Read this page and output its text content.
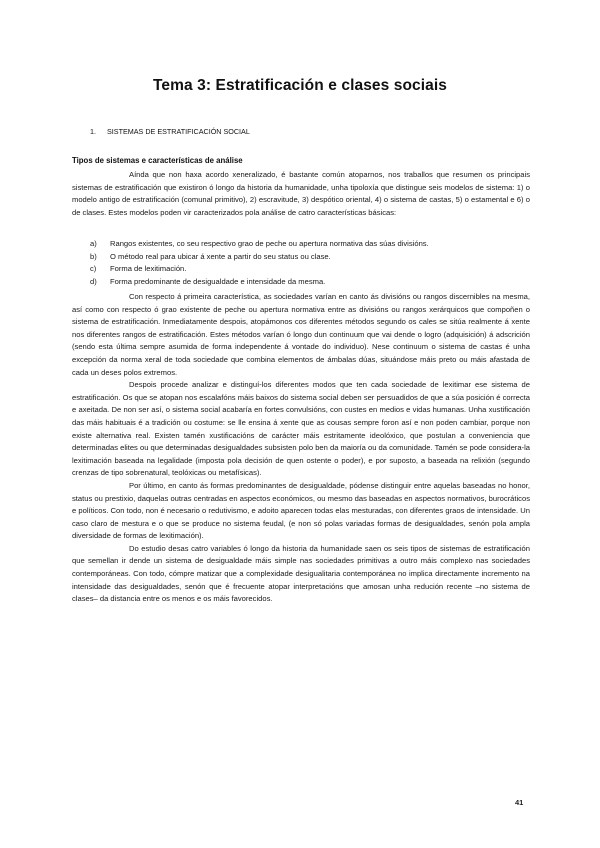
Tema 3: Estratificación e clases sociais
1. SISTEMAS DE ESTRATIFICACIÓN SOCIAL
Tipos de sistemas e características de análise

Aínda que non haxa acordo xeneralizado, é bastante común atoparnos, nos traballos que resumen os principais sistemas de estratificación que existiron ó longo da historia da humanidade, unha tipoloxía que distingue seis modelos de sistema: 1) o modelo antigo de estratificación (comunal primitivo), 2) escravitude, 3) despótico oriental, 4) o sistema de castas, 5) o estamental e 6) o de clases. Estes modelos poden vir caracterizados pola análise de catro características básicas:

a)	Rangos existentes, co seu respectivo grao de peche ou apertura normativa das súas divisións.
b)	O método real para ubicar á xente a partir do seu status ou clase.
c)	Forma de lexitimación.
d)	Forma predominante de desigualdade e intensidade da mesma.

Con respecto á primeira característica, as sociedades varían en canto ás divisións ou rangos discernibles na mesma, así como con respecto ó grao existente de peche ou apertura normativa entre as divisións ou rangos xerárquicos que compoñen o sistema de estratificación. Inmediatamente despois, atopámonos cos diferentes métodos segundo os cales se sitúa realmente á xente nos diferentes rangos de estratificación. Estes métodos varían ó longo dun continuum que vai dende o logro (adquisición) á adscrición (sendo esta última sempre asumida de forma independente á vontade do individuo). Nese continuum o sistema de castas é unha excepción da norma xeral de toda sociedade que combina elementos de ámbalas dúas, situándose máis preto ou máis afastada de cada un deses polos extremos.

Despois procede analizar e distinguí-los diferentes modos que ten cada sociedade de lexitimar ese sistema de estratificación. Os que se atopan nos escalafóns máis baixos do sistema social deben ser persuadidos de que a súa posición é correcta e axeitada. De non ser así, o sistema social acabaría en fortes convulsións, con custes en medios e vidas humanas. Unha xustificación das máis habituais é a tradición ou costume: se lle ensina á xente que as cousas sempre foron así e non poden cambiar, porque non existe alternativa real. Existen tamén xustificacións de carácter máis estritamente ideolóxico, que postulan a conveniencia que determinadas elites ou que determinadas desigualdades subsisten polo ben da maioría ou da comunidade. Tamén se pode considera-la lexitimación baseada na legalidade (imposta pola decisión de quen ostente o poder), e por suposto, a baseada na relixión (segundo crenzas de tipo sobrenatural, teolóxicas ou metafísicas).

Por último, en canto ás formas predominantes de desigualdade, pódense distinguir entre aquelas baseadas no honor, status ou prestixio, daquelas outras centradas en aspectos económicos, ou mesmo das baseadas en aspectos normativos, burocráticos e políticos. Con todo, non é necesario o redutivismo, e adoito aparecen todas elas mesturadas, con diferentes graos de intensidade. Un caso claro de mestura e o que se produce no sistema feudal, (e non só polas variadas formas de desigualdades, senón pola ampla diversidade de formas de lexitimación).

Do estudio desas catro variables ó longo da historia da humanidade saen os seis tipos de sistemas de estratificación que semellan ir dende un sistema de desigualdade máis simple nas sociedades primitivas a outro máis complexo nas sociedades contemporáneas. Con todo, cómpre matizar que a complexidade desigualitaria contemporánea no implica directamente incremento na intensidade das desigualdades, senón que é frecuente atopar interpretacións que amosan unha redución recente –no sistema de clases– da distancia entre os menos e os máis favorecidos.

41
